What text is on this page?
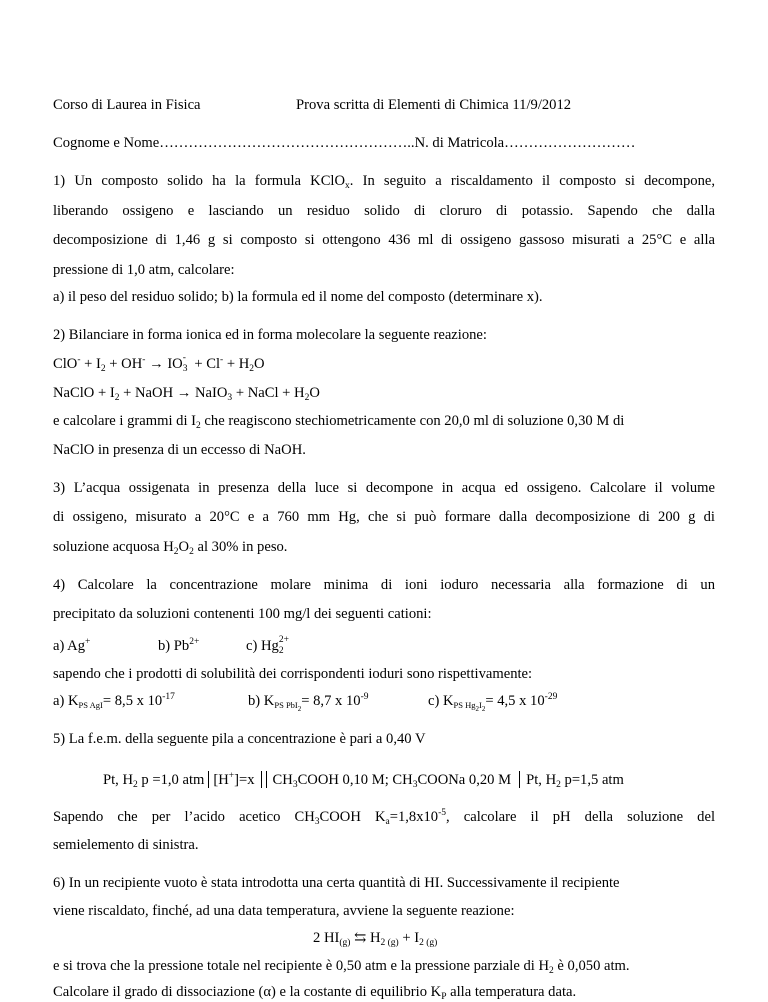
Corso di Laurea in Fisica	Prova scritta di Elementi di Chimica 11/9/2012
Cognome e Nome……………………………………………..N. di Matricola………………………
1) Un composto solido ha la formula KClO$_x$. In seguito a riscaldamento il composto si decompone,
liberando ossigeno e lasciando un residuo solido di cloruro di potassio. Sapendo che dalla
decomposizione di 1,46 g si composto si ottengono 436 ml di ossigeno gassoso misurati a 25°C e alla
pressione di 1,0 atm, calcolare:
a) il peso del residuo solido; b) la formula ed il nome del composto (determinare x).
2) Bilanciare in forma ionica ed in forma molecolare la seguente reazione:
$ClO^- + I_2 + OH^-$ → IO -
$3 + Cl^- + H_2O$
NaClO + $I_2$ + NaOH → NaIO$_3$ + NaCl + $H_2O$
e calcolare i grammi di $I_2$ che reagiscono stechiometricamente con 20,0 ml di soluzione 0,30 M di
NaClO in presenza di un eccesso di NaOH.
3) L’acqua ossigenata in presenza della luce si decompone in acqua ed ossigeno. Calcolare il volume
di ossigeno, misurato a 20°C e a 760 mm Hg, che si può formare dalla decomposizione di 200 g di
soluzione acquosa $H_2O_2$ al 30% in peso.
4) Calcolare la concentrazione molare minima di ioni ioduro necessaria alla formazione di un
precipitato da soluzioni contenenti 100 mg/l dei seguenti cationi:
a) Ag+	b) $Pb^{2+}$	c) Hg 2+
2
sapendo che i prodotti di solubilità dei corrispondenti ioduri sono rispettivamente:
a) $K_{PS AgI}= 8,5$ x $10^{-17}$	b) $K_{PS PbI_2}= 8,7$ x $10^{-9}$	c) $K_{PS Hg_2I_2}= 4,5$ x $10^{-29}$
5) La f.e.m. della seguente pila a concentrazione è pari a 0,40 V
Pt, $H_2$ p =1,0 atm [H+]=x $CH_3COOH$ 0,10 M; $CH_3COONa$ 0,20 M Pt, $H_2$ p=1,5 atm
Sapendo che per l’acido acetico $CH_3COOH$ $K_a=1,8x10^{-5}$, calcolare il pH della soluzione del
semielemento di sinistra.
6) In un recipiente vuoto è stata introdotta una certa quantità di HI. Successivamente il recipiente
viene riscaldato, finché, ad una data temperatura, avviene la seguente reazione:
2 $HI_{(g)}$ ⇆ $H_{2 (g)} + I_{2 (g)}$
e si trova che la pressione totale nel recipiente è 0,50 atm e la pressione parziale di $H_2$ è 0,050 atm.
Calcolare il grado di dissociazione (α) e la costante di equilibrio $K_P$ alla temperatura data.
